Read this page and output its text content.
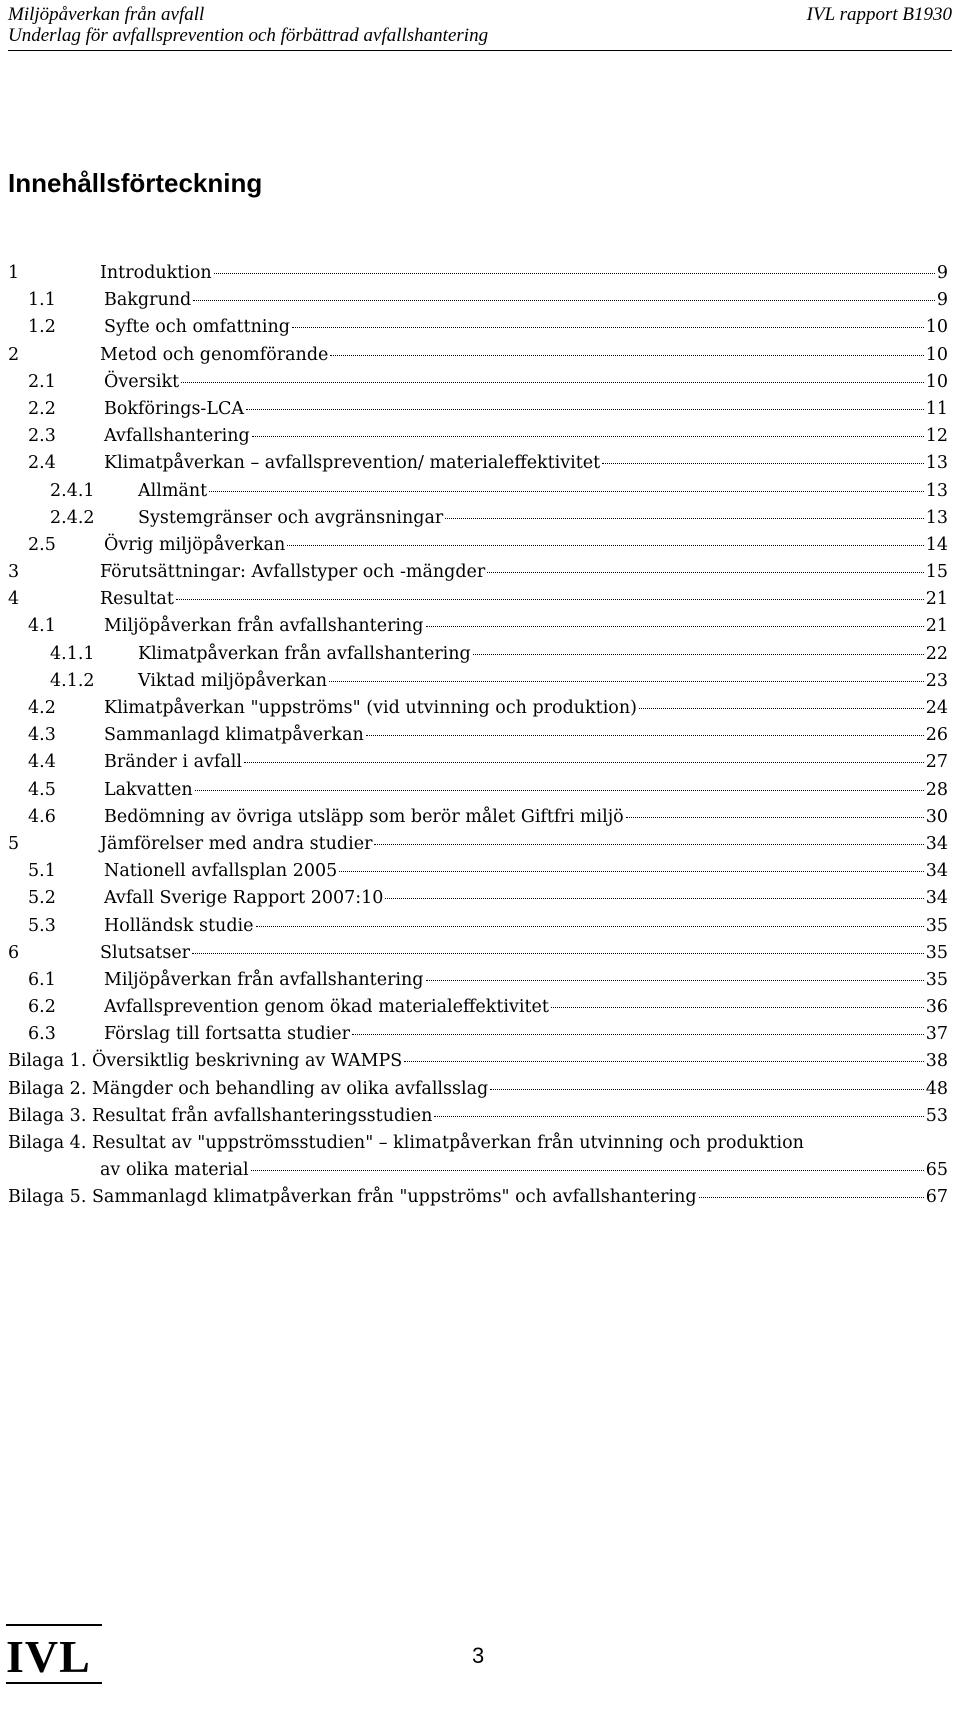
Miljöpåverkan från avfall
Underlag för avfallsprevention och förbättrad avfallshantering
IVL rapport B1930
Innehållsförteckning
1	Introduktion	9
1.1	Bakgrund	9
1.2	Syfte och omfattning	10
2	Metod och genomförande	10
2.1	Översikt	10
2.2	Bokförings-LCA	11
2.3	Avfallshantering	12
2.4	Klimatpåverkan – avfallsprevention/ materialeffektivitet	13
2.4.1 Allmänt	13
2.4.2 Systemgränser och avgränsningar	13
2.5	Övrig miljöpåverkan	14
3	Förutsättningar: Avfallstyper och -mängder	15
4	Resultat	21
4.1	Miljöpåverkan från avfallshantering	21
4.1.1 Klimatpåverkan från avfallshantering	22
4.1.2 Viktad miljöpåverkan	23
4.2	Klimatpåverkan "uppströms" (vid utvinning och produktion)	24
4.3	Sammanlagd klimatpåverkan	26
4.4	Bränder i avfall	27
4.5	Lakvatten	28
4.6	Bedömning av övriga utsläpp som berör målet Giftfri miljö	30
5	Jämförelser med andra studier	34
5.1	Nationell avfallsplan 2005	34
5.2	Avfall Sverige Rapport 2007:10	34
5.3	Holländsk studie	35
6	Slutsatser	35
6.1	Miljöpåverkan från avfallshantering	35
6.2	Avfallsprevention genom ökad materialeffektivitet	36
6.3	Förslag till fortsatta studier	37
Bilaga 1. Översiktlig beskrivning av WAMPS	38
Bilaga 2. Mängder och behandling av olika avfallsslag	48
Bilaga 3. Resultat från avfallshanteringsstudien	53
Bilaga 4. Resultat av "uppströmsstudien" – klimatpåverkan från utvinning och produktion
av olika material	65
Bilaga 5. Sammanlagd klimatpåverkan från "uppströms" och avfallshantering	67
IVL	3
